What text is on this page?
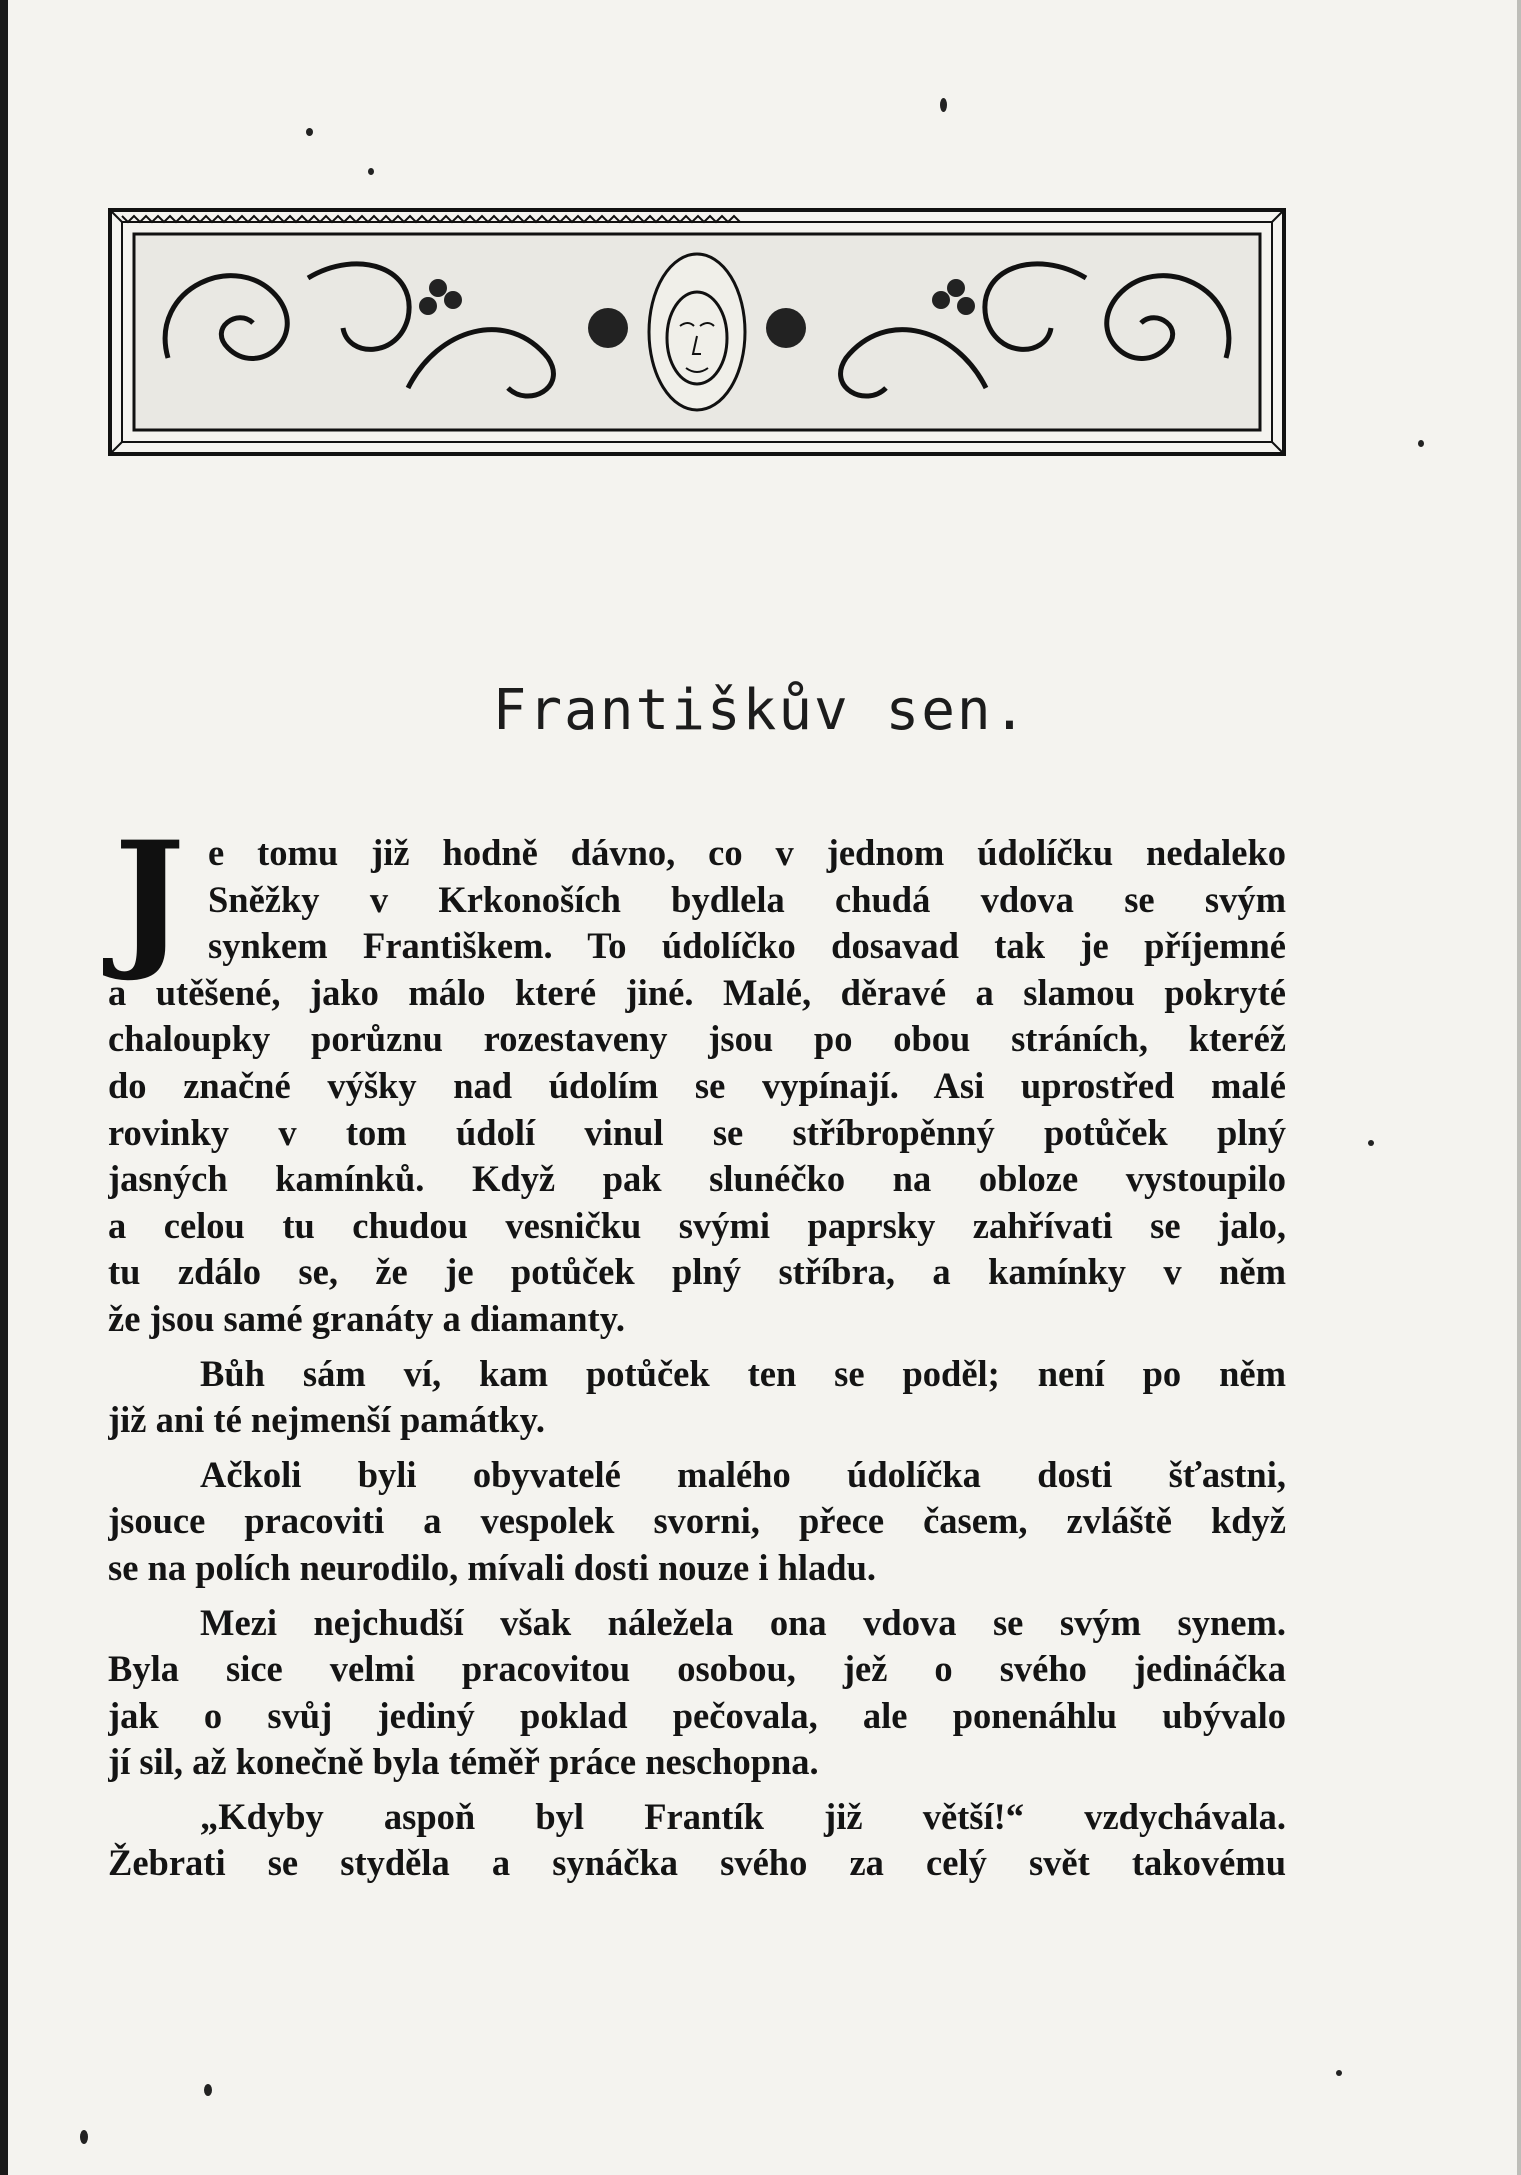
Františkův sen.

J e tomu již hodně dávno, co v jednom údolíčku nedaleko
Sněžky v Krkonoších bydlela chudá vdova se svým
synkem Františkem. To údolíčko dosavad tak je příjemné
a utěšené, jako málo které jiné. Malé, děravé a slamou pokryté
chaloupky porůznu rozestaveny jsou po obou stráních, kteréž
do značné výšky nad údolím se vypínají. Asi uprostřed malé
rovinky v tom údolí vinul se stříbropěnný potůček plný
jasných kamínků. Když pak slunéčko na obloze vystoupilo
a celou tu chudou vesničku svými paprsky zahřívati se jalo,
tu zdálo se, že je potůček plný stříbra, a kamínky v něm
že jsou samé granáty a diamanty.

Bůh sám ví, kam potůček ten se poděl; není po něm
již ani té nejmenší památky.

Ačkoli byli obyvatelé malého údolíčka dosti šťastni,
jsouce pracoviti a vespolek svorni, přece časem, zvláště když
se na polích neurodilo, mívali dosti nouze i hladu.

Mezi nejchudší však náležela ona vdova se svým synem.
Byla sice velmi pracovitou osobou, jež o svého jedináčka
jak o svůj jediný poklad pečovala, ale ponenáhlu ubývalo
jí sil, až konečně byla téměř práce neschopna.

„Kdyby aspoň byl Frantík již větší!“ vzdychávala.
Žebrati se styděla a synáčka svého za celý svět takovému
